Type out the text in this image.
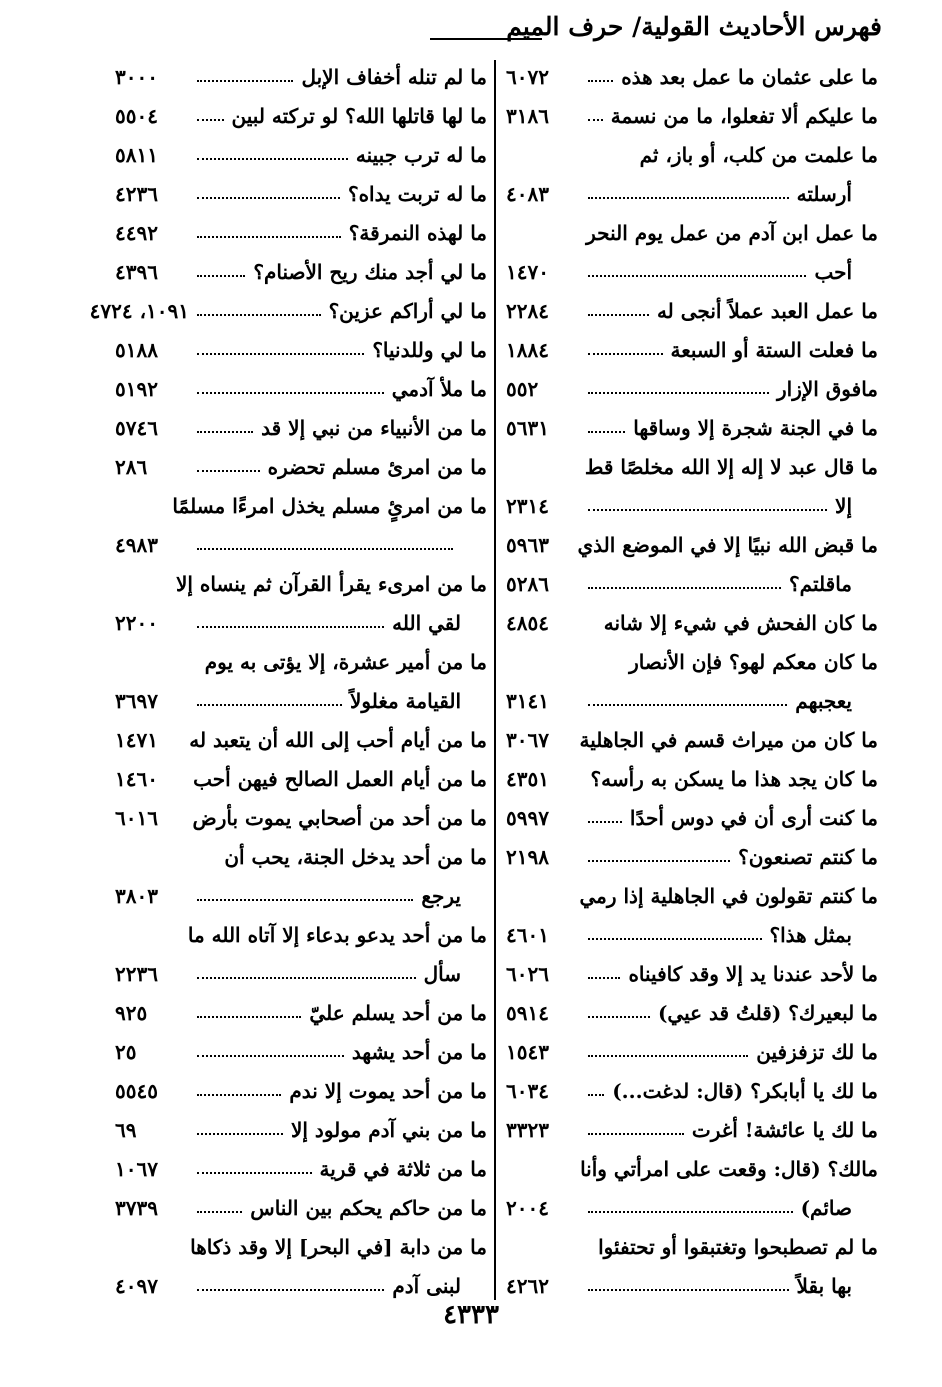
فهرس الأحاديث القولية/ حرف الميم
ما على عثمان ما عمل بعد هذه
٦٠٧٢
ما عليكم ألا تفعلوا، ما من نسمة
٣١٨٦
ما علمت من كلب، أو باز، ثم
أرسلته
٤٠٨٣
ما عمل ابن آدم من عمل يوم النحر
أحب
١٤٧٠
ما عمل العبد عملاً أنجى له
٢٢٨٤
ما فعلت الستة أو السبعة
١٨٨٤
مافوق الإزار
٥٥٢
ما في الجنة شجرة إلا وساقها
٥٦٣١
ما قال عبد لا إله إلا الله مخلصًا قط
إلا
٢٣١٤
ما قبض الله نبيًا إلا في الموضع الذي
٥٩٦٣
ماقلتم؟
٥٢٨٦
ما كان الفحش في شيء إلا شانه
٤٨٥٤
ما كان معكم لهو؟ فإن الأنصار
يعجبهم
٣١٤١
ما كان من ميراث قسم في الجاهلية
٣٠٦٧
ما كان يجد هذا ما يسكن به رأسه؟
٤٣٥١
ما كنت أرى أن في دوس أحدًا
٥٩٩٧
ما كنتم تصنعون؟
٢١٩٨
ما كنتم تقولون في الجاهلية إذا رمي
بمثل هذا؟
٤٦٠١
ما لأحد عندنا يد إلا وقد كافيناه
٦٠٢٦
ما لبعيرك؟ (قلتُ قد عيي)
٥٩١٤
ما لك تزفزفين
١٥٤٣
ما لك يا أبابكر؟ (قال: لدغت...)
٦٠٣٤
ما لك يا عائشة! أغرت
٣٣٢٣
مالك؟ (قال: وقعت على امرأتي وأنا
صائم)
٢٠٠٤
ما لم تصطبحوا وتغتبقوا أو تحتفئوا
بها بقلاً
٤٢٦٢
ما لم تنله أخفاف الإبل
٣٠٠٠
ما لها قاتلها الله؟ لو تركته لبين
٥٥٠٤
ما له ترب جبينه
٥٨١١
ما له تربت يداه؟
٤٢٣٦
ما لهذه النمرقة؟
٤٤٩٢
ما لي أجد منك ريح الأصنام؟
٤٣٩٦
ما لي أراكم عزين؟
١٠٩١، ٤٧٢٤
ما لي وللدنيا؟
٥١٨٨
ما ملأ آدمي
٥١٩٢
ما من الأنبياء من نبي إلا قد
٥٧٤٦
ما من امرئ مسلم تحضره
٢٨٦
ما من امرئٍ مسلم يخذل امرءًا مسلمًا
٤٩٨٣
ما من امرىء يقرأ القرآن ثم ينساه إلا
لقي الله
٢٢٠٠
ما من أمير عشرة، إلا يؤتى به يوم
القيامة مغلولاً
٣٦٩٧
ما من أيام أحب إلى الله أن يتعبد له
١٤٧١
ما من أيام العمل الصالح فيهن أحب
١٤٦٠
ما من أحد من أصحابي يموت بأرض
٦٠١٦
ما من أحد يدخل الجنة، يحب أن
يرجع
٣٨٠٣
ما من أحد يدعو بدعاء إلا آتاه الله ما
سأل
٢٢٣٦
ما من أحد يسلم عليّ
٩٢٥
ما من أحد يشهد
٢٥
ما من أحد يموت إلا ندم
٥٥٤٥
ما من بني آدم مولود إلا
٦٩
ما من ثلاثة في قرية
١٠٦٧
ما من حاكم يحكم بين الناس
٣٧٣٩
ما من دابة [في البحر] إلا وقد ذكاها
لبنى آدم
٤٠٩٧
٤٣٣٣
